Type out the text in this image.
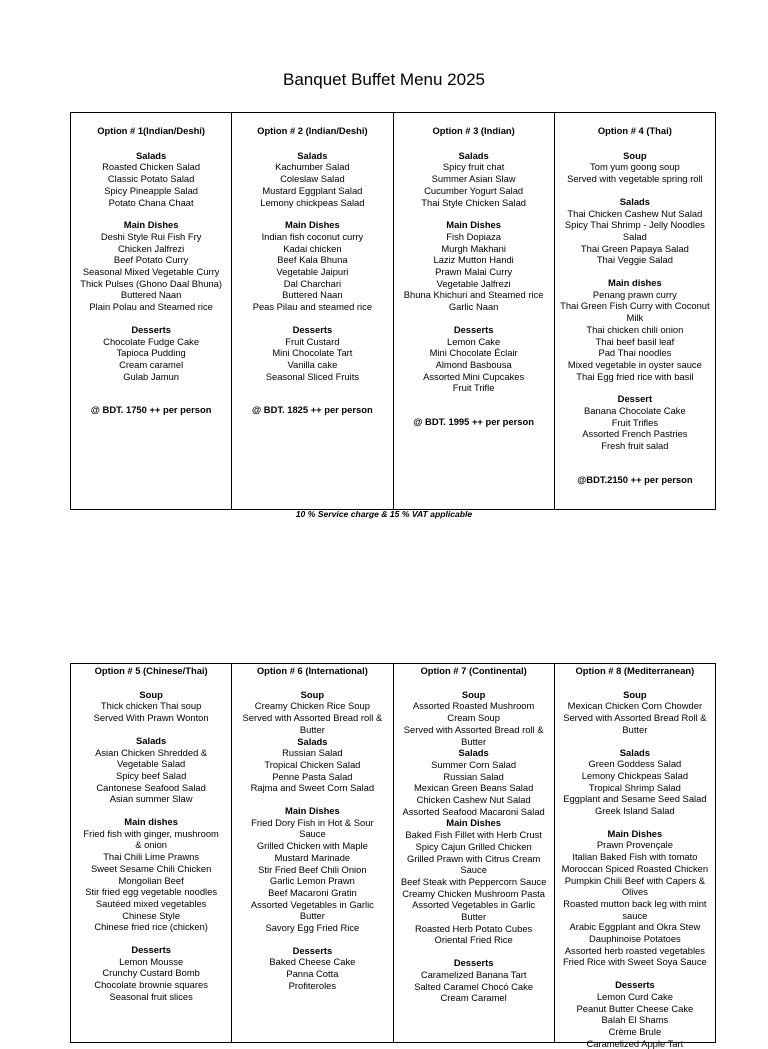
Banquet Buffet Menu 2025
Option # 1(Indian/Deshi)
Salads
Roasted Chicken Salad
Classic Potato Salad
Spicy Pineapple Salad
Potato Chana Chaat
Main Dishes
Deshi Style Rui Fish Fry
Chicken Jalfrezi
Beef Potato Curry
Seasonal Mixed Vegetable Curry
Thick Pulses (Ghono Daal Bhuna)
Buttered Naan
Plain Polau and Steamed rice
Desserts
Chocolate Fudge Cake
Tapioca Pudding
Cream caramel
Gulab Jamun
@ BDT. 1750 ++ per person
Option # 2 (Indian/Deshi)
Salads
Kachumber Salad
Coleslaw Salad
Mustard Eggplant Salad
Lemony chickpeas Salad
Main Dishes
Indian fish coconut curry
Kadai chicken
Beef Kala Bhuna
Vegetable Jaipuri
Dal Charchari
Buttered Naan
Peas Pilau and steamed rice
Desserts
Fruit Custard
Mini Chocolate Tart
Vanilla cake
Seasonal Sliced Fruits
@ BDT. 1825 ++ per person
Option # 3 (Indian)
Salads
Spicy fruit chat
Summer Asian Slaw
Cucumber Yogurt Salad
Thai Style Chicken Salad
Main Dishes
Fish Dopiaza
Murgh Makhani
Laziz Mutton Handi
Prawn Malai Curry
Vegetable Jalfrezi
Bhuna Khichuri and Steamed rice
Garlic Naan
Desserts
Lemon Cake
Mini Chocolate Éclair
Almond Basbousa
Assorted Mini Cupcakes
Fruit Trifle
@ BDT. 1995 ++ per person
Option # 4 (Thai)
Soup
Tom yum goong soup
Served with vegetable spring roll
Salads
Thai Chicken Cashew Nut Salad
Spicy Thai Shrimp - Jelly Noodles Salad
Thai Green Papaya Salad
Thai Veggie Salad
Main dishes
Penang prawn curry
Thai Green Fish Curry with Coconut Milk
Thai chicken chili onion
Thai beef basil leaf
Pad Thai noodles
Mixed vegetable in oyster sauce
Thai Egg fried rice with basil
Dessert
Banana Chocolate Cake
Fruit Trifles
Assorted French Pastries
Fresh fruit salad
@BDT.2150 ++ per person
10 % Service charge & 15 % VAT applicable
Option # 5 (Chinese/Thai)
Soup
Thick chicken Thai soup
Served With Prawn Wonton
Salads
Asian Chicken Shredded &
Vegetable Salad
Spicy beef Salad
Cantonese Seafood Salad
Asian summer Slaw
Main dishes
Fried fish with ginger, mushroom
& onion
Thai Chili Lime Prawns
Sweet Sesame Chili Chicken
Mongolian Beef
Stir fried egg vegetable noodles
Sautéed mixed vegetables
Chinese Style
Chinese fried rice (chicken)
Desserts
Lemon Mousse
Crunchy Custard Bomb
Chocolate brownie squares
Seasonal fruit slices
Option # 6 (International)
Soup
Creamy Chicken Rice Soup
Served with Assorted Bread roll &
Butter
Salads
Russian Salad
Tropical Chicken Salad
Penne Pasta Salad
Rajma and Sweet Corn Salad
Main Dishes
Fried Dory Fish in Hot & Sour
Sauce
Grilled Chicken with Maple
Mustard Marinade
Stir Fried Beef Chili Onion
Garlic Lemon Prawn
Beef Macaroni Gratin
Assorted Vegetables in Garlic
Butter
Savory Egg Fried Rice
Desserts
Baked Cheese Cake
Panna Cotta
Profiteroles
Option # 7 (Continental)
Soup
Assorted Roasted Mushroom
Cream Soup
Served with Assorted Bread roll &
Butter
Salads
Summer Corn Salad
Russian Salad
Mexican Green Beans Salad
Chicken Cashew Nut Salad
Assorted Seafood Macaroni Salad
Main Dishes
Baked Fish Fillet with Herb Crust
Spicy Cajun Grilled Chicken
Grilled Prawn with Citrus Cream
Sauce
Beef Steak with Peppercorn Sauce
Creamy Chicken Mushroom Pasta
Assorted Vegetables in Garlic
Butter
Roasted Herb Potato Cubes
Oriental Fried Rice
Desserts
Caramelized Banana Tart
Salted Caramel Chocó Cake
Cream Caramel
Option # 8 (Mediterranean)
Soup
Mexican Chicken Corn Chowder
Served with Assorted Bread Roll &
Butter
Salads
Green Goddess Salad
Lemony Chickpeas Salad
Tropical Shrimp Salad
Eggplant and Sesame Seed Salad
Greek Island Salad
Main Dishes
Prawn Provençale
Italian Baked Fish with tomato
Moroccan Spiced Roasted Chicken
Pumpkin Chili Beef with Capers & Olives
Roasted mutton back leg with mint sauce
Arabic Eggplant and Okra Stew
Dauphinoise Potatoes
Assorted herb roasted vegetables
Fried Rice with Sweet Soya Sauce
Desserts
Lemon Curd Cake
Peanut Butter Cheese Cake
Balah El Shams
Crème Brule
Caramelized Apple Tart
